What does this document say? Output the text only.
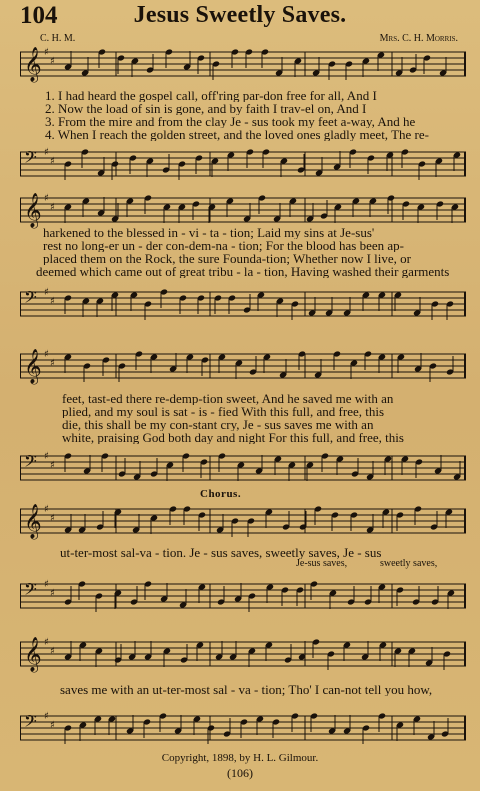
104	Jesus Sweetly Saves.
C. H. M.	Mrs. C. H. Morris.
𝄞 ♯
♯
1. I had heard the gospel call, off'ring par-don free for all, And I
2. Now the load of sin is gone, and by faith I trav-el on, And I
3. From the mire and from the clay Je - sus took my feet a-way, And he
4. When I reach the golden street, and the loved ones gladly meet, The re-
𝄢 ♯
♯
𝄞 ♯
♯
harkened to the blessed in - vi - ta - tion; Laid my sins at Je-sus'
rest no long-er un - der con-dem-na - tion; For the blood has been ap-
placed them on the Rock, the sure Founda-tion; Whether now I live, or
deemed which came out of great tribu - la - tion, Having washed their garments
𝄢 ♯
♯
𝄞 ♯
♯
feet, tast-ed there re-demp-tion sweet, And he saved me with an
plied, and my soul is sat - is - fied With this full, and free, this
die, this shall be my con-stant cry, Je - sus saves me with an
white, praising God both day and night For this full, and free, this
𝄢 ♯
♯
Chorus.
𝄞 ♯
♯
ut-ter-most sal-va - tion. Je - sus saves, sweetly saves, Je - sus
Je-sus saves,	sweetly saves,
𝄢 ♯
♯
𝄞 ♯
♯
saves me with an ut-ter-most sal - va - tion; Tho' I can-not tell you how,
𝄢 ♯
♯
Copyright, 1898, by H. L. Gilmour.
(106)
